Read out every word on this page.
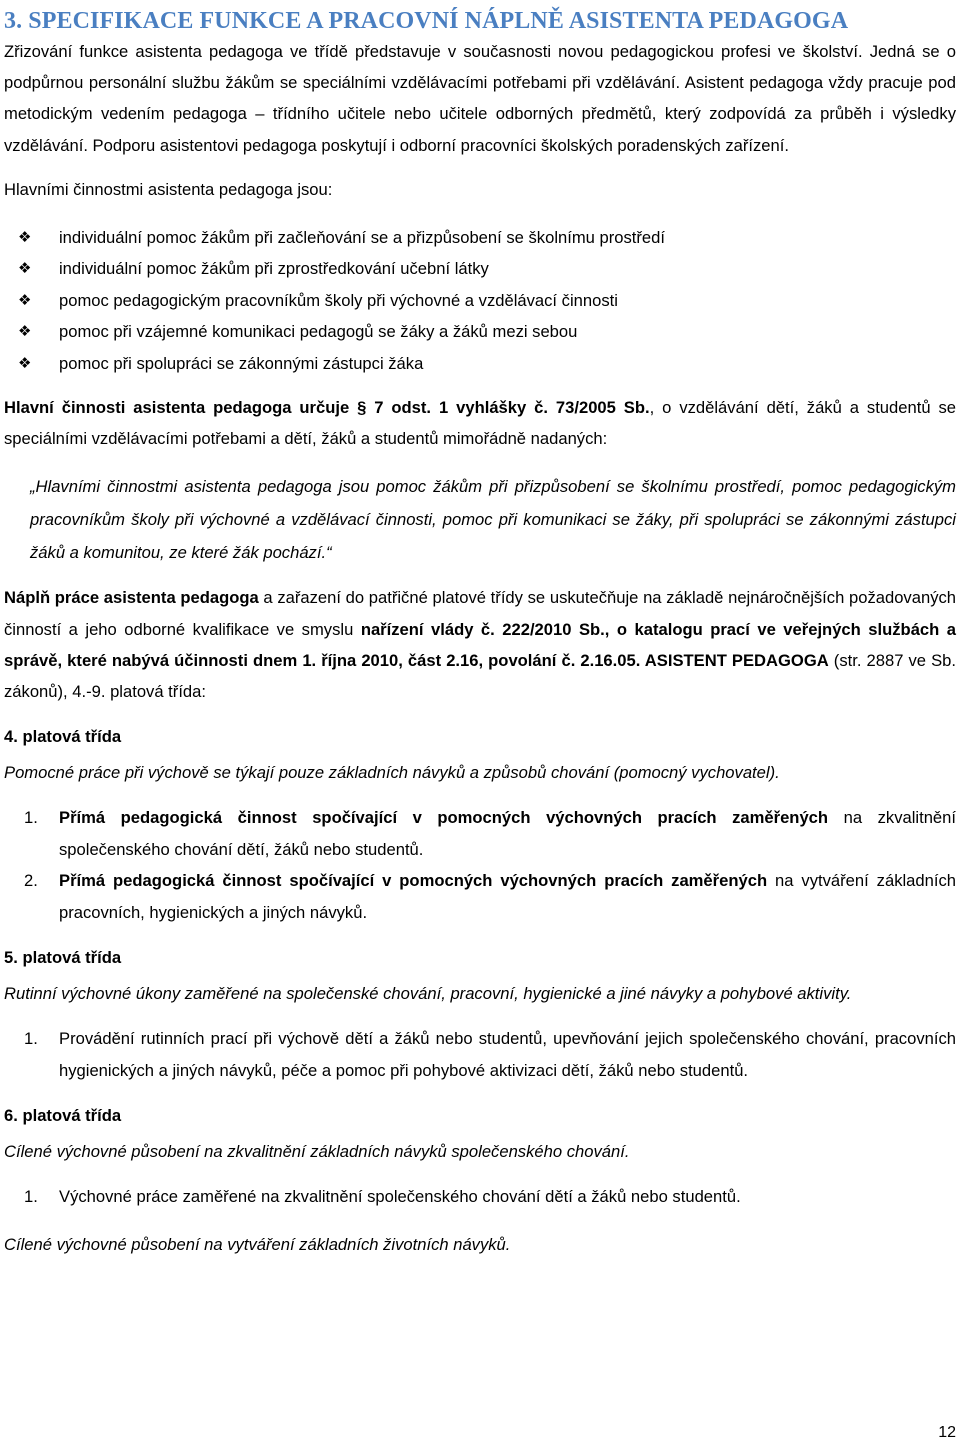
3. SPECIFIKACE FUNKCE A PRACOVNÍ NÁPLNĚ ASISTENTA PEDAGOGA

Zřizování funkce asistenta pedagoga ve třídě představuje v současnosti novou pedagogickou profesi ve školství. Jedná se o podpůrnou personální službu žákům se speciálními vzdělávacími potřebami při vzdělávání. Asistent pedagoga vždy pracuje pod metodickým vedením pedagoga – třídního učitele nebo učitele odborných předmětů, který zodpovídá za průběh i výsledky vzdělávání. Podporu asistentovi pedagoga poskytují i odborní pracovníci školských poradenských zařízení.

Hlavními činnostmi asistenta pedagoga jsou:

❖	individuální pomoc žákům při začleňování se a přizpůsobení se školnímu prostředí
❖	individuální pomoc žákům při zprostředkování učební látky
❖	pomoc pedagogickým pracovníkům školy při výchovné a vzdělávací činnosti
❖	pomoc při vzájemné komunikaci pedagogů se žáky a žáků mezi sebou
❖	pomoc při spolupráci se zákonnými zástupci žáka

Hlavní činnosti asistenta pedagoga určuje § 7 odst. 1 vyhlášky č. 73/2005 Sb., o vzdělávání dětí, žáků a studentů se speciálními vzdělávacími potřebami a dětí, žáků a studentů mimořádně nadaných:

„Hlavními činnostmi asistenta pedagoga jsou pomoc žákům při přizpůsobení se školnímu prostředí, pomoc pedagogickým pracovníkům školy při výchovné a vzdělávací činnosti, pomoc při komunikaci se žáky, při spolupráci se zákonnými zástupci žáků a komunitou, ze které žák pochází.“

Náplň práce asistenta pedagoga a zařazení do patřičné platové třídy se uskutečňuje na základě nejnáročnějších požadovaných činností a jeho odborné kvalifikace ve smyslu nařízení vlády č. 222/2010 Sb., o katalogu prací ve veřejných službách a správě, které nabývá účinnosti dnem 1. října 2010, část 2.16, povolání č. 2.16.05. ASISTENT PEDAGOGA (str. 2887 ve Sb. zákonů), 4.-9. platová třída:

4. platová třída

Pomocné práce při výchově se týkají pouze základních návyků a způsobů chování (pomocný vychovatel).

1.	Přímá pedagogická činnost spočívající v pomocných výchovných pracích zaměřených na zkvalitnění společenského chování dětí, žáků nebo studentů.
2.	Přímá pedagogická činnost spočívající v pomocných výchovných pracích zaměřených na vytváření základních pracovních, hygienických a jiných návyků.
5. platová třída

Rutinní výchovné úkony zaměřené na společenské chování, pracovní, hygienické a jiné návyky a pohybové aktivity.

1.	Provádění rutinních prací při výchově dětí a žáků nebo studentů, upevňování jejich společenského chování, pracovních hygienických a jiných návyků, péče a pomoc při pohybové aktivizaci dětí, žáků nebo studentů.
6. platová třída

Cílené výchovné působení na zkvalitnění základních návyků společenského chování.

1.	Výchovné práce zaměřené na zkvalitnění společenského chování dětí a žáků nebo studentů.

Cílené výchovné působení na vytváření základních životních návyků.

12
